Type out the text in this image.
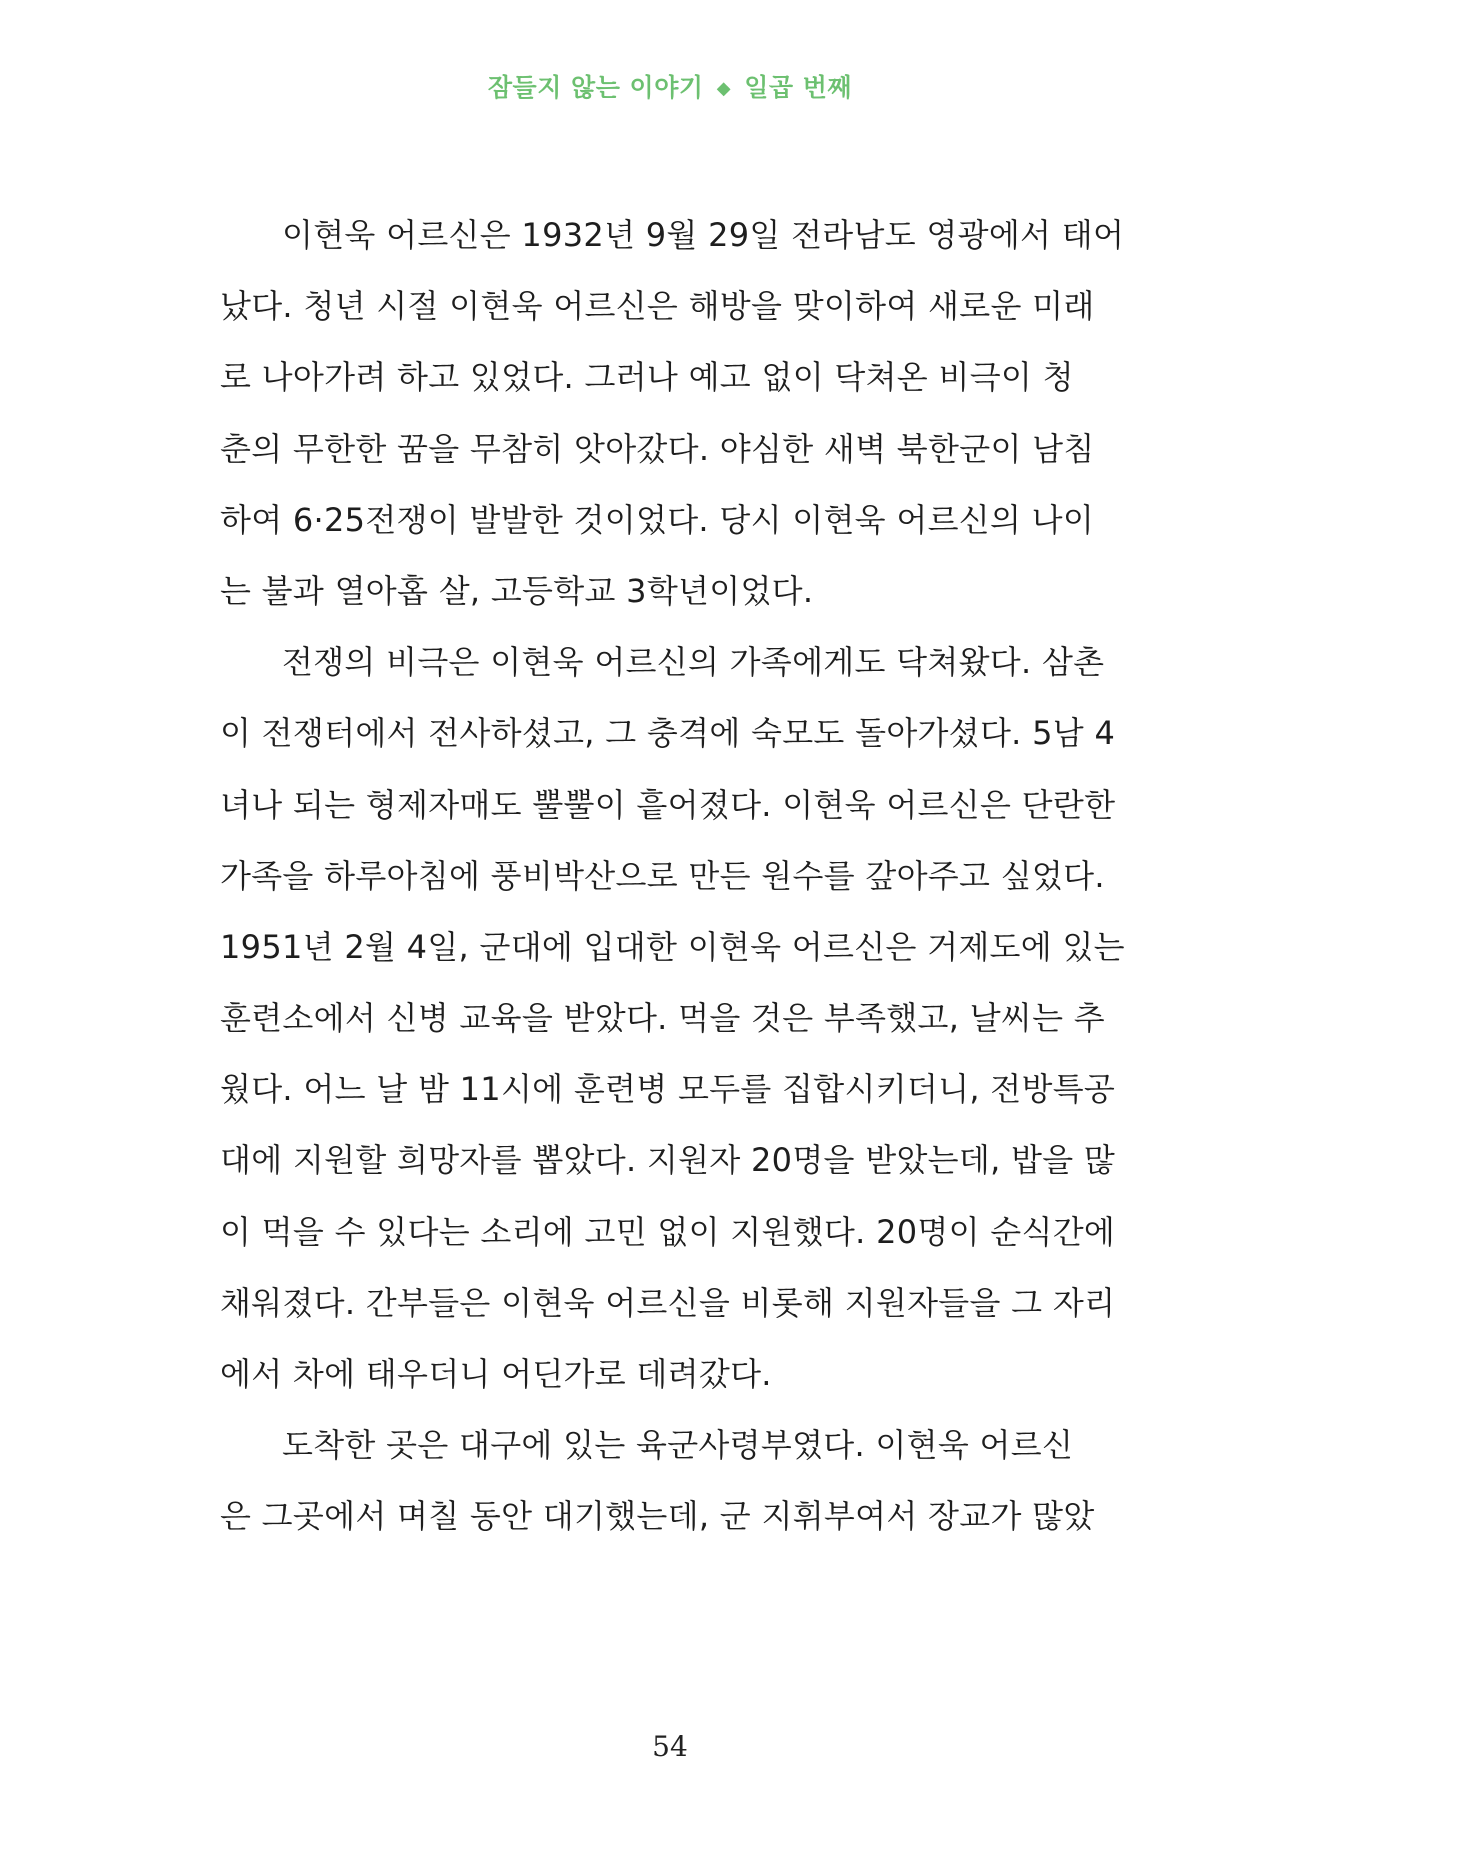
잠들지 않는 이야기 ◆ 일곱 번째
이현욱 어르신은 1932년 9월 29일 전라남도 영광에서 태어
났다. 청년 시절 이현욱 어르신은 해방을 맞이하여 새로운 미래
로 나아가려 하고 있었다. 그러나 예고 없이 닥쳐온 비극이 청
춘의 무한한 꿈을 무참히 앗아갔다. 야심한 새벽 북한군이 남침
하여 6·25전쟁이 발발한 것이었다. 당시 이현욱 어르신의 나이
는 불과 열아홉 살, 고등학교 3학년이었다.
전쟁의 비극은 이현욱 어르신의 가족에게도 닥쳐왔다. 삼촌
이 전쟁터에서 전사하셨고, 그 충격에 숙모도 돌아가셨다. 5남 4
녀나 되는 형제자매도 뿔뿔이 흩어졌다. 이현욱 어르신은 단란한
가족을 하루아침에 풍비박산으로 만든 원수를 갚아주고 싶었다.
1951년 2월 4일, 군대에 입대한 이현욱 어르신은 거제도에 있는
훈련소에서 신병 교육을 받았다. 먹을 것은 부족했고, 날씨는 추
웠다. 어느 날 밤 11시에 훈련병 모두를 집합시키더니, 전방특공
대에 지원할 희망자를 뽑았다. 지원자 20명을 받았는데, 밥을 많
이 먹을 수 있다는 소리에 고민 없이 지원했다. 20명이 순식간에
채워졌다. 간부들은 이현욱 어르신을 비롯해 지원자들을 그 자리
에서 차에 태우더니 어딘가로 데려갔다.
도착한 곳은 대구에 있는 육군사령부였다. 이현욱 어르신
은 그곳에서 며칠 동안 대기했는데, 군 지휘부여서 장교가 많았
54
